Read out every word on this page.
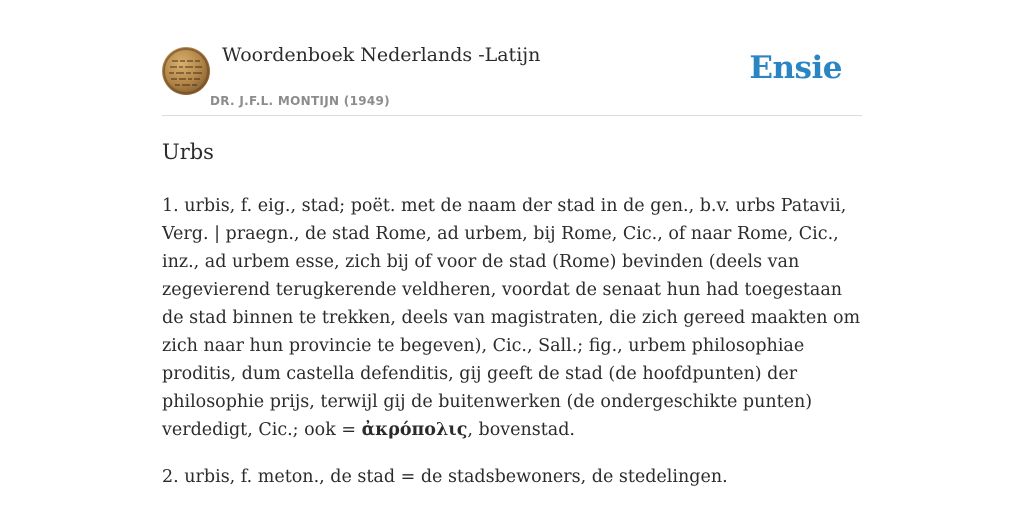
Woordenboek Nederlands -Latijn
DR. J.F.L. MONTIJN (1949)
Ensie
Urbs

1. urbis, f. eig., stad; poët. met de naam der stad in de gen., b.v. urbs Patavii, Verg. | praegn., de stad Rome, ad urbem, bij Rome, Cic., of naar Rome, Cic., inz., ad urbem esse, zich bij of voor de stad (Rome) bevinden (deels van zegevierend terugkerende veldheren, voordat de senaat hun had toegestaan de stad binnen te trekken, deels van magistraten, die zich gereed maakten om zich naar hun provincie te begeven), Cic., Sall.; fig., urbem philosophiae proditis, dum castella defenditis, gij geeft de stad (de hoofdpunten) der philosophie prijs, terwijl gij de buitenwerken (de ondergeschikte punten) verdedigt, Cic.; ook = ἀκρόπολις, bovenstad.

2. urbis, f. meton., de stad = de stadsbewoners, de stedelingen.
